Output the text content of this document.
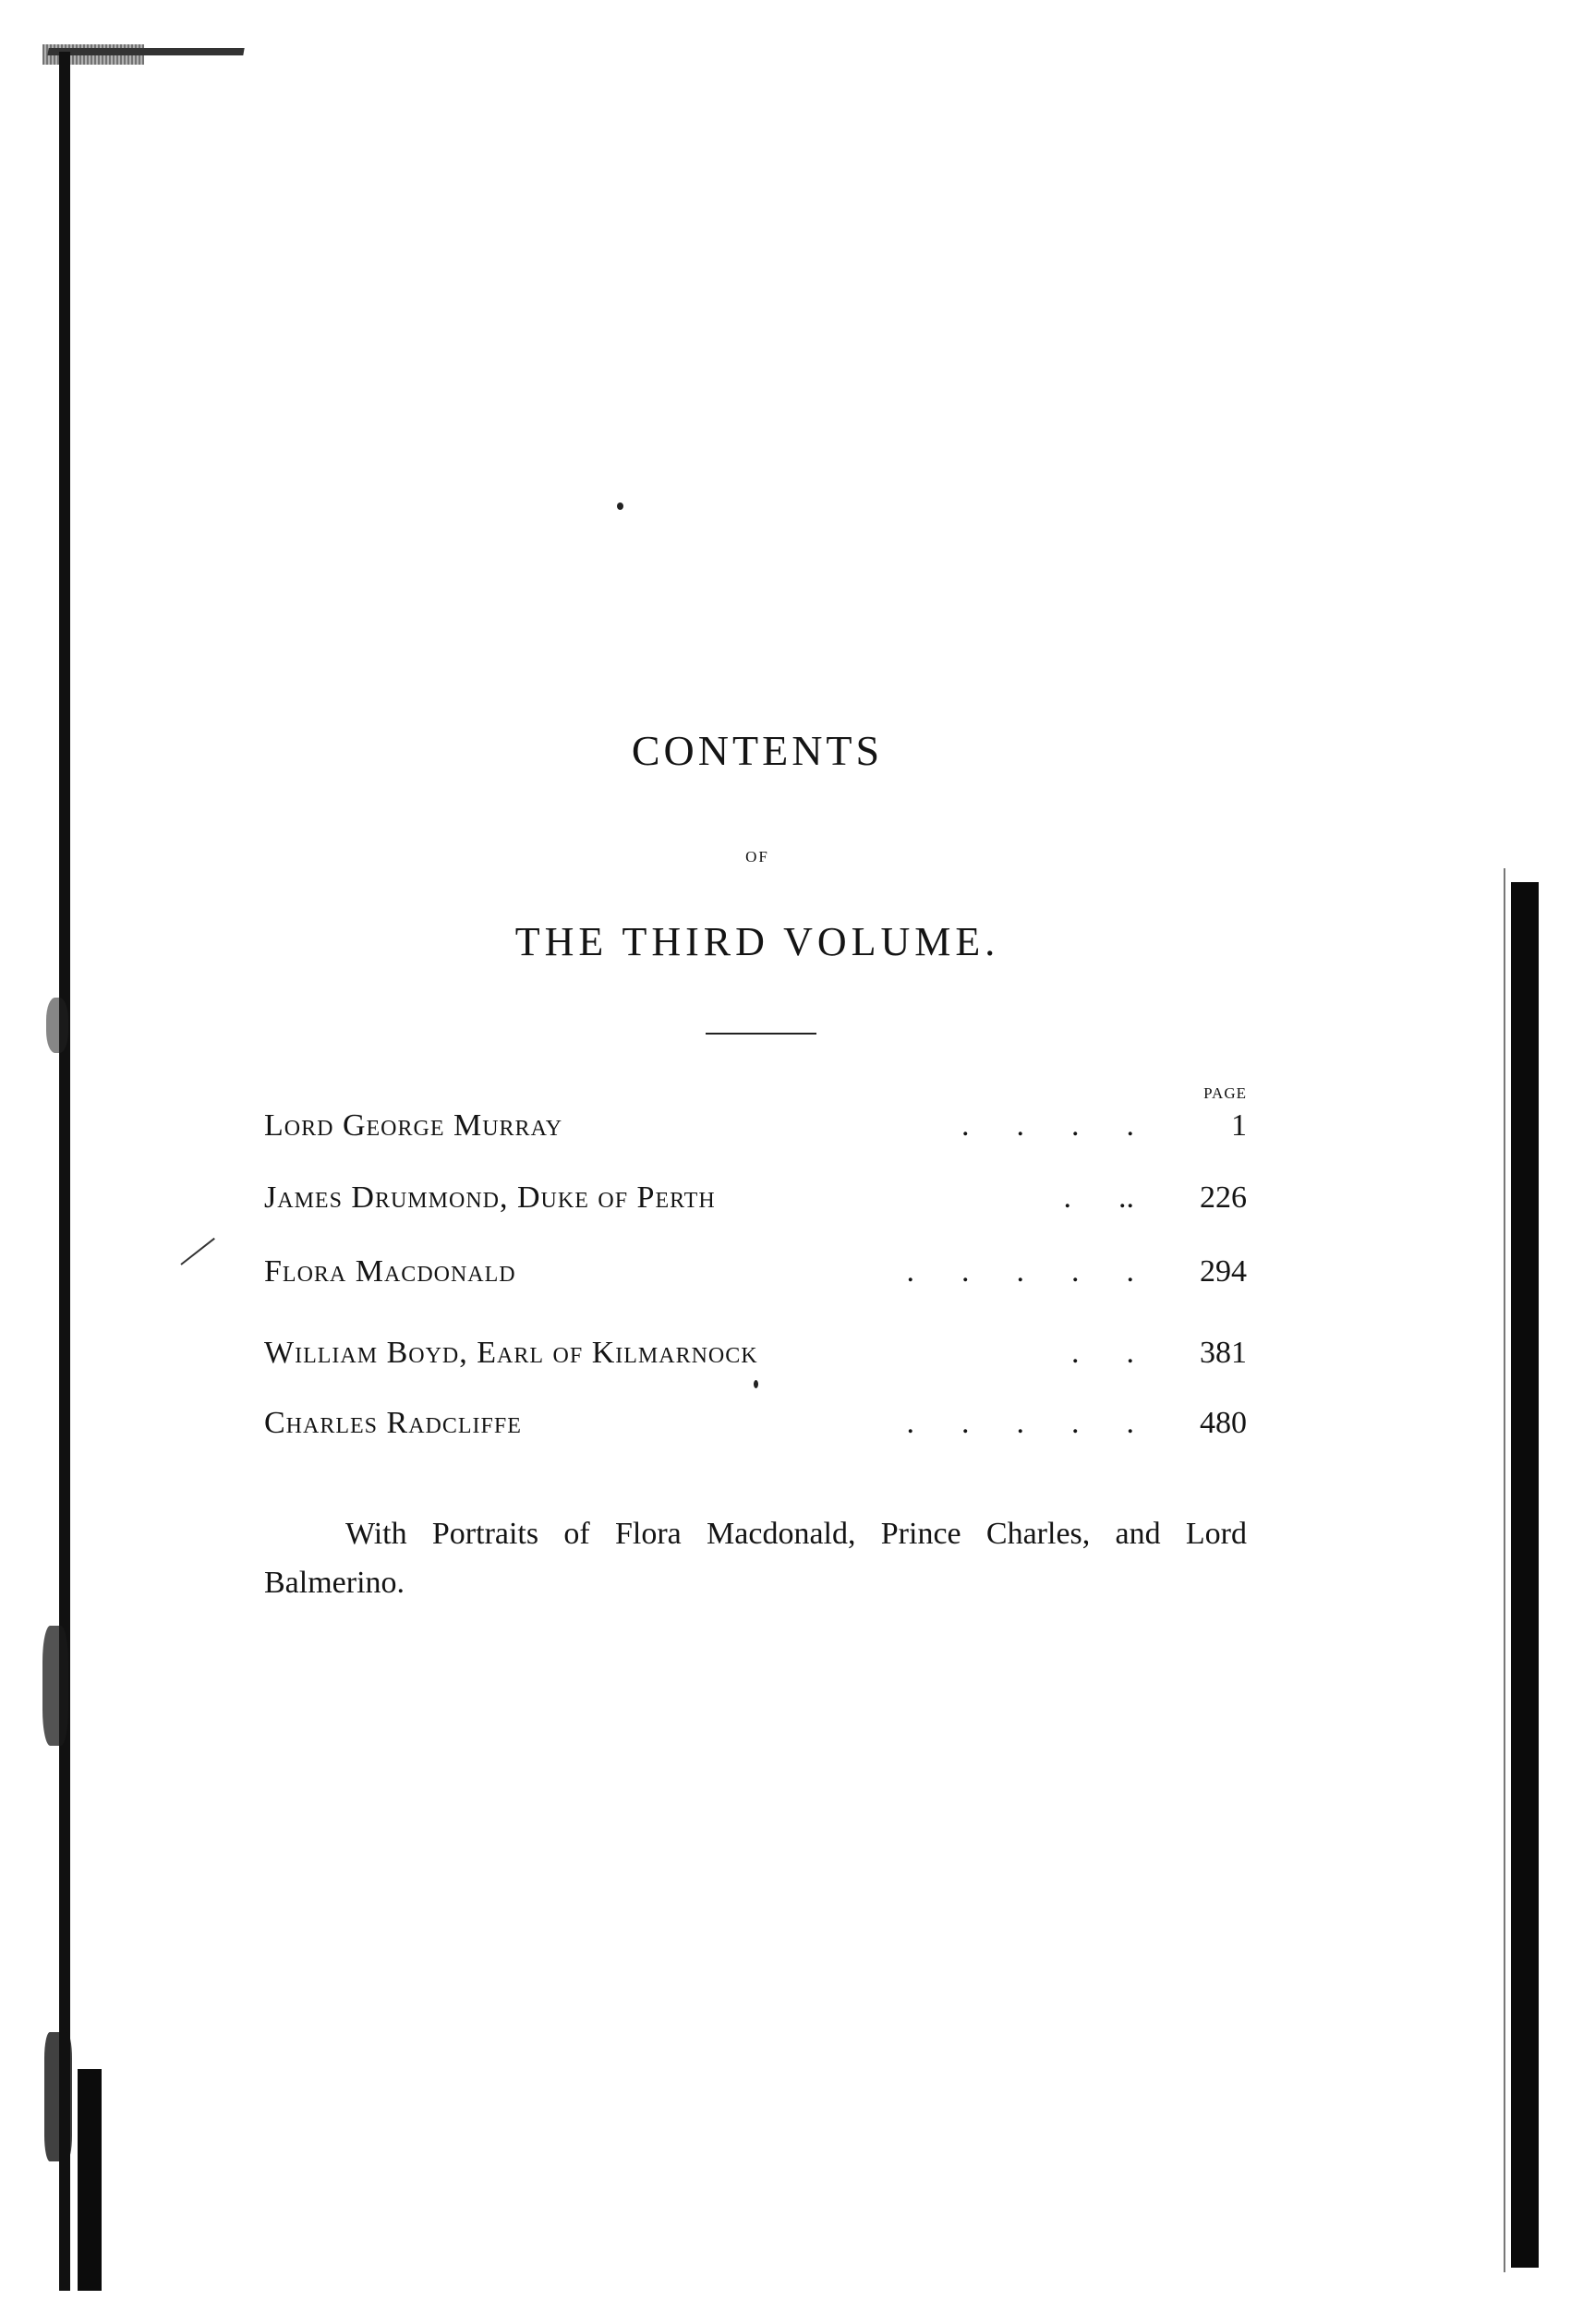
CONTENTS
OF
THE THIRD VOLUME.
PAGE
Lord George Murray	.      .      .      .	1
James Drummond, Duke of Perth	.      ..	226
Flora Macdonald	.      .      .      .      .	294
William Boyd, Earl of Kilmarnock	.      .	381
Charles Radcliffe	.      .      .      .      .	480

With Portraits of Flora Macdonald, Prince Charles, and Lord Balmerino.
